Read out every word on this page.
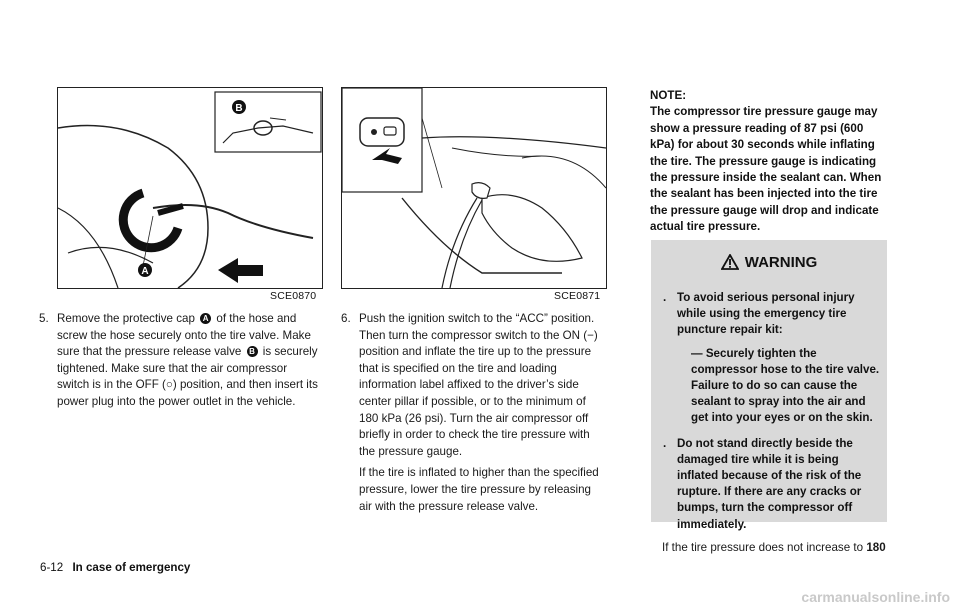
B
A
SCE0870	SCE0871
5. Remove the protective cap A of the hose and screw the hose securely onto the tire valve. Make sure that the pressure release valve B is securely tightened. Make sure that the air compressor switch is in the OFF (○) position, and then insert its power plug into the power outlet in the vehicle.

6. Push the ignition switch to the “ACC” position. Then turn the compressor switch to the ON (−) position and inflate the tire up to the pressure that is specified on the tire and loading information label affixed to the driver’s side center pillar if possible, or to the minimum of 180 kPa (26 psi). Turn the air compressor off briefly in order to check the tire pressure with the pressure gauge.

If the tire is inflated to higher than the specified pressure, lower the tire pressure by releasing air with the pressure release valve.

NOTE:
The compressor tire pressure gauge may show a pressure reading of 87 psi (600 kPa) for about 30 seconds while inflating the tire. The pressure gauge is indicating the pressure inside the sealant can. When the sealant has been injected into the tire the pressure gauge will drop and indicate actual tire pressure.
WARNING
. To avoid serious personal injury while using the emergency tire puncture repair kit:
— Securely tighten the compressor hose to the tire valve. Failure to do so can cause the sealant to spray into the air and get into your eyes or on the skin.
. Do not stand directly beside the damaged tire while it is being inflated because of the risk of the rupture. If there are any cracks or bumps, turn the compressor off immediately.
If the tire pressure does not increase to 180
6-12 In case of emergency
carmanualsonline.info
